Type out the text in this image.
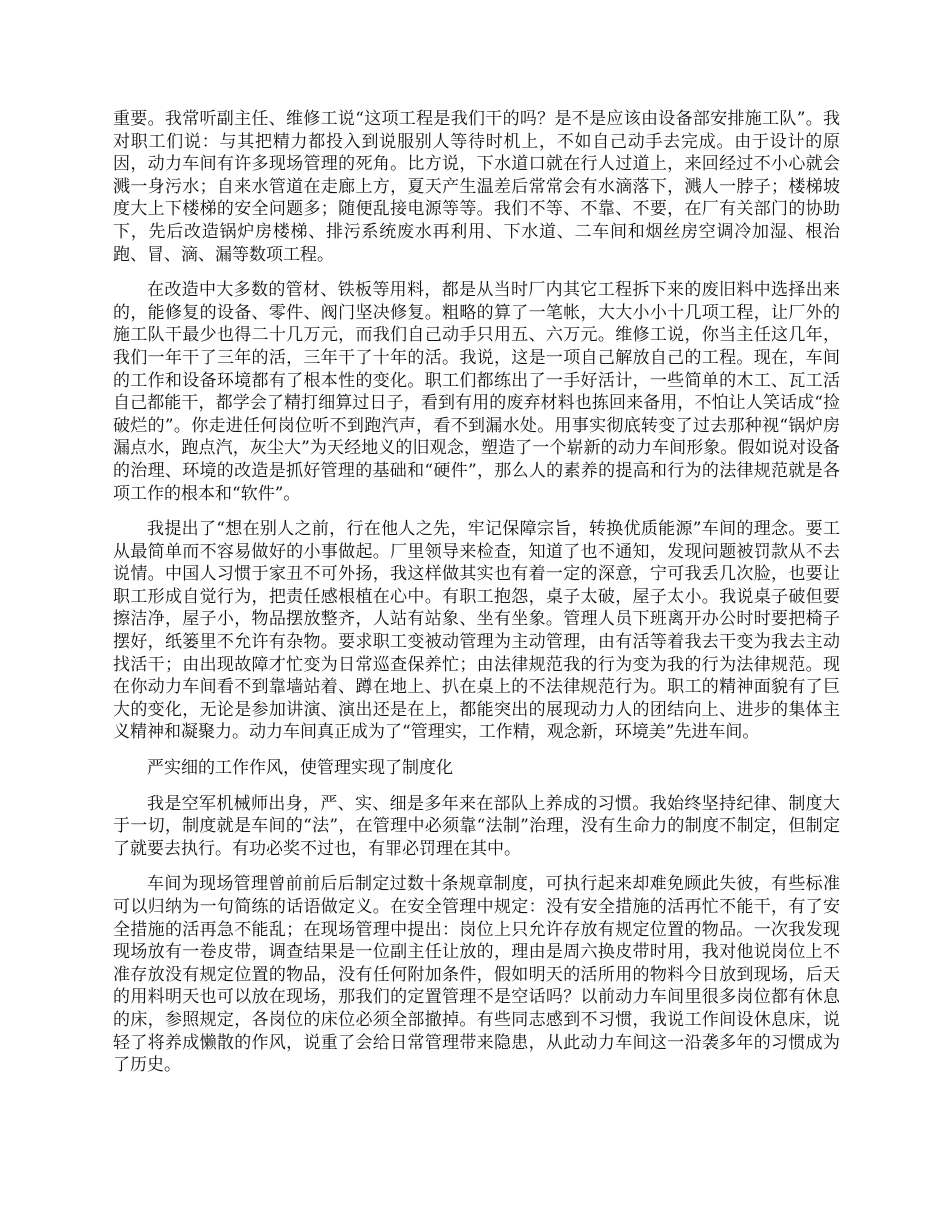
重要。我常听副主任、维修工说“这项工程是我们干的吗？是不是应该由设备部安排施工队”。我对职工们说：与其把精力都投入到说服别人等待时机上，不如自己动手去完成。由于设计的原因，动力车间有许多现场管理的死角。比方说，下水道口就在行人过道上，来回经过不小心就会溅一身污水；自来水管道在走廊上方，夏天产生温差后常常会有水滴落下，溅人一脖子；楼梯坡度大上下楼梯的安全问题多；随便乱接电源等等。我们不等、不靠、不要，在厂有关部门的协助下，先后改造锅炉房楼梯、排污系统废水再利用、下水道、二车间和烟丝房空调冷加湿、根治跑、冒、滴、漏等数项工程。

在改造中大多数的管材、铁板等用料，都是从当时厂内其它工程拆下来的废旧料中选择出来的，能修复的设备、零件、阀门坚决修复。粗略的算了一笔帐，大大小小十几项工程，让厂外的施工队干最少也得二十几万元，而我们自己动手只用五、六万元。维修工说，你当主任这几年，我们一年干了三年的活，三年干了十年的活。我说，这是一项自己解放自己的工程。现在，车间的工作和设备环境都有了根本性的变化。职工们都练出了一手好活计，一些简单的木工、瓦工活自己都能干，都学会了精打细算过日子，看到有用的废弃材料也拣回来备用，不怕让人笑话成“捡破烂的”。你走进任何岗位听不到跑汽声，看不到漏水处。用事实彻底转变了过去那种视“锅炉房漏点水，跑点汽，灰尘大”为天经地义的旧观念，塑造了一个崭新的动力车间形象。假如说对设备的治理、环境的改造是抓好管理的基础和“硬件”，那么人的素养的提高和行为的法律规范就是各项工作的根本和“软件”。

我提出了“想在别人之前，行在他人之先，牢记保障宗旨，转换优质能源”车间的理念。要工从最简单而不容易做好的小事做起。厂里领导来检查，知道了也不通知，发现问题被罚款从不去说情。中国人习惯于家丑不可外扬，我这样做其实也有着一定的深意，宁可我丢几次脸，也要让职工形成自觉行为，把责任感根植在心中。有职工抱怨，桌子太破，屋子太小。我说桌子破但要擦洁净，屋子小，物品摆放整齐，人站有站象、坐有坐象。管理人员下班离开办公时时要把椅子摆好，纸篓里不允许有杂物。要求职工变被动管理为主动管理，由有活等着我去干变为我去主动找活干；由出现故障才忙变为日常巡查保养忙；由法律规范我的行为变为我的行为法律规范。现在你动力车间看不到靠墙站着、蹲在地上、扒在桌上的不法律规范行为。职工的精神面貌有了巨大的变化，无论是参加讲演、演出还是在上，都能突出的展现动力人的团结向上、进步的集体主义精神和凝聚力。动力车间真正成为了“管理实，工作精，观念新，环境美”先进车间。

严实细的工作作风，使管理实现了制度化

我是空军机械师出身，严、实、细是多年来在部队上养成的习惯。我始终坚持纪律、制度大于一切，制度就是车间的“法”，在管理中必须靠“法制”治理，没有生命力的制度不制定，但制定了就要去执行。有功必奖不过也，有罪必罚理在其中。

车间为现场管理曾前前后后制定过数十条规章制度，可执行起来却难免顾此失彼，有些标准可以归纳为一句简练的话语做定义。在安全管理中规定：没有安全措施的活再忙不能干，有了安全措施的活再急不能乱；在现场管理中提出：岗位上只允许存放有规定位置的物品。一次我发现现场放有一卷皮带，调查结果是一位副主任让放的，理由是周六换皮带时用，我对他说岗位上不准存放没有规定位置的物品，没有任何附加条件，假如明天的活所用的物料今日放到现场，后天的用料明天也可以放在现场，那我们的定置管理不是空话吗？以前动力车间里很多岗位都有休息的床，参照规定，各岗位的床位必须全部撤掉。有些同志感到不习惯，我说工作间设休息床，说轻了将养成懒散的作风，说重了会给日常管理带来隐患，从此动力车间这一沿袭多年的习惯成为了历史。
